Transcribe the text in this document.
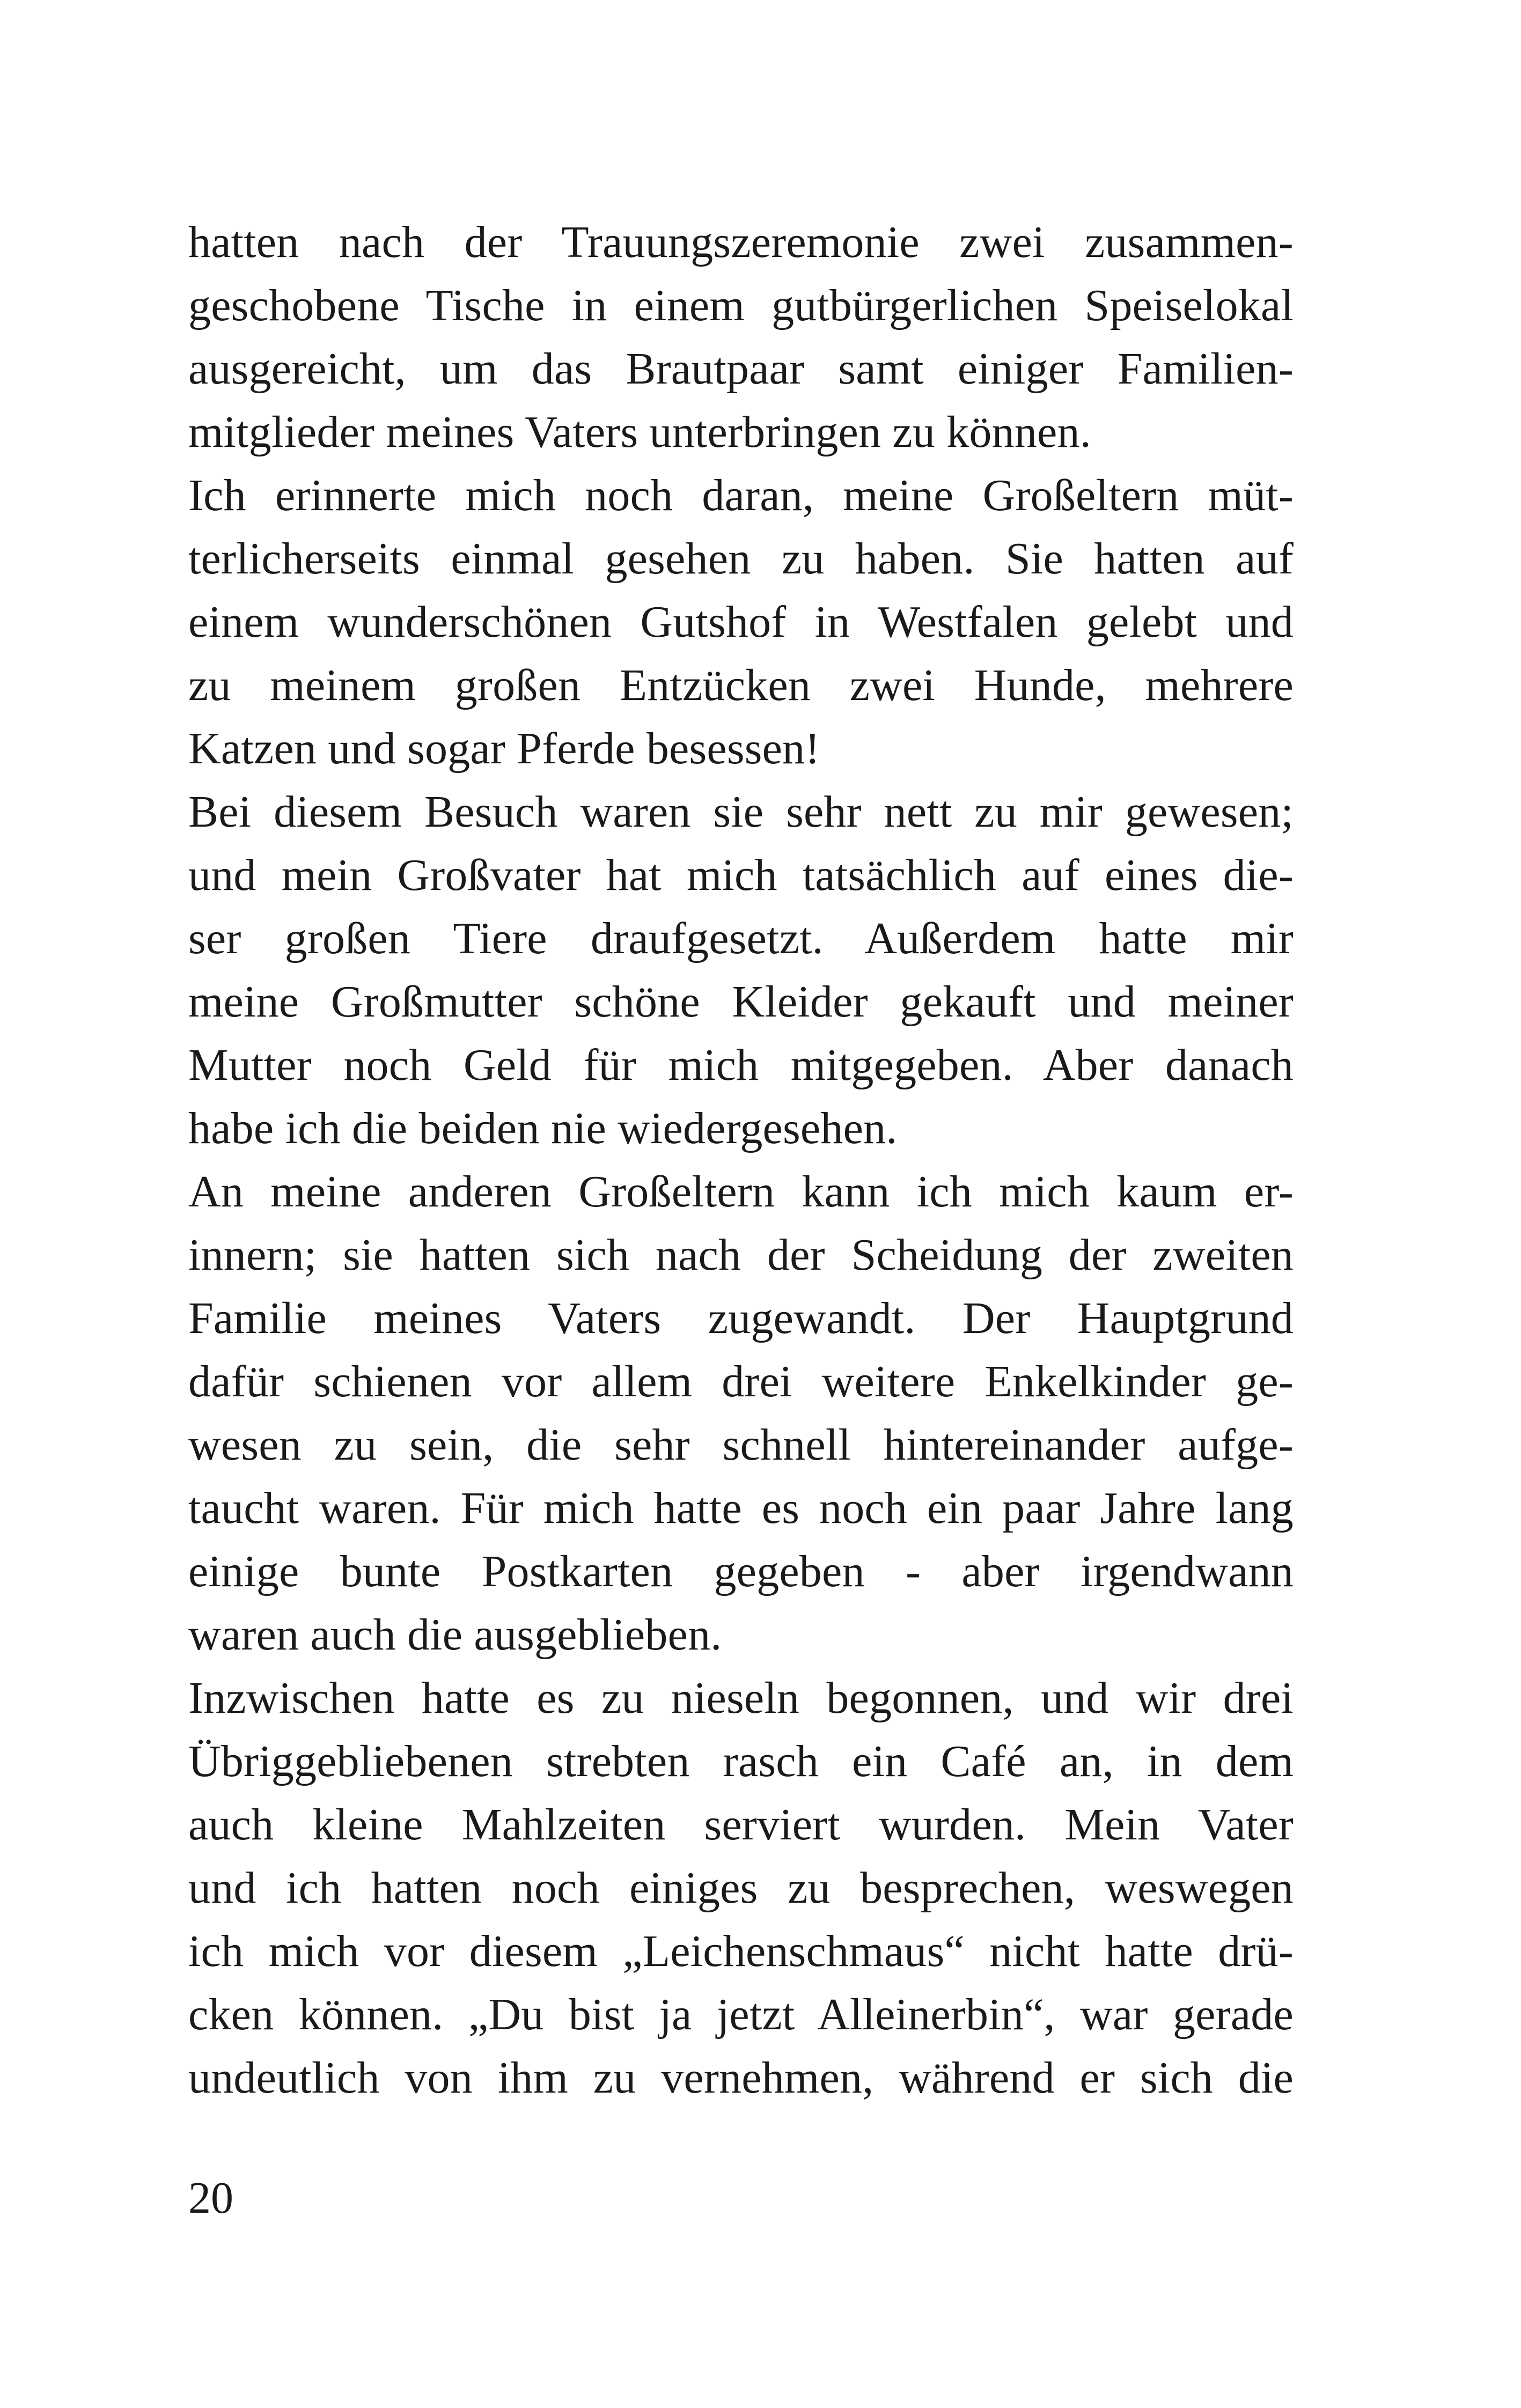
hatten nach der Trauungszeremonie zwei zusammen-
geschobene Tische in einem gutbürgerlichen Speiselokal
ausgereicht, um das Brautpaar samt einiger Familien-
mitglieder meines Vaters unterbringen zu können.
Ich erinnerte mich noch daran, meine Großeltern müt-
terlicherseits einmal gesehen zu haben. Sie hatten auf
einem wunderschönen Gutshof in Westfalen gelebt und
zu meinem großen Entzücken zwei Hunde, mehrere
Katzen und sogar Pferde besessen!
Bei diesem Besuch waren sie sehr nett zu mir gewesen;
und mein Großvater hat mich tatsächlich auf eines die-
ser großen Tiere draufgesetzt. Außerdem hatte mir
meine Großmutter schöne Kleider gekauft und meiner
Mutter noch Geld für mich mitgegeben. Aber danach
habe ich die beiden nie wiedergesehen.
An meine anderen Großeltern kann ich mich kaum er-
innern; sie hatten sich nach der Scheidung der zweiten
Familie meines Vaters zugewandt. Der Hauptgrund
dafür schienen vor allem drei weitere Enkelkinder ge-
wesen zu sein, die sehr schnell hintereinander aufge-
taucht waren. Für mich hatte es noch ein paar Jahre lang
einige bunte Postkarten gegeben - aber irgendwann
waren auch die ausgeblieben.
Inzwischen hatte es zu nieseln begonnen, und wir drei
Übriggebliebenen strebten rasch ein Café an, in dem
auch kleine Mahlzeiten serviert wurden. Mein Vater
und ich hatten noch einiges zu besprechen, weswegen
ich mich vor diesem „Leichenschmaus“ nicht hatte drü-
cken können. „Du bist ja jetzt Alleinerbin“, war gerade
undeutlich von ihm zu vernehmen, während er sich die
20
